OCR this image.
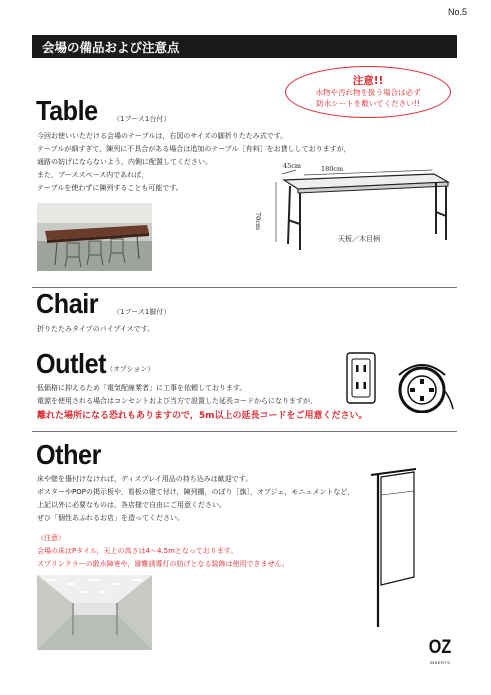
No.5
会場の備品および注意点
注意!!
水物や汚れ物を扱う場合は必ず
防水シートを敷いてください!!
Table （1ブース1台付）
今回お使いいただける会場のテーブルは，右図のサイズの脚折りたたみ式です。
テーブルが細すぎて，陳列に不具合がある場合は追加のテーブル［有料］をお貸ししておりますが，
通路の妨げにならないよう，内側に配置してください。
また，ブーススペース内であれば，
テーブルを使わずに陳列することも可能です。
180cm
45cm
70cm
天板／木目柄
Chair （1ブース1脚付）
折りたたみタイプのパイプイスです。
Outlet （オプション）
低価格に抑えるため「電気配線業者」に工事を依頼しております。
電源を使用される場合はコンセントおよび当方で設置した延長コードからになりますが，
離れた場所になる恐れもありますので，5m以上の延長コードをご用意ください。
Other
床や壁を傷付けなければ，ディスプレイ用品の持ち込みは歓迎です。
ポスターやPOPの掲示板や，看板の建て付け，陳列棚，のぼり［旗］，オブジェ，モニュメントなど，
上記以外に必要なものは，各店様で自由にご用意ください。
ぜひ「個性あふれるお店」を造ってください。
（注意）
会場の床はPタイル，天上の高さは4〜4.5mとなっております。
スプリンクラーの散水障害や，避難誘導灯の妨げとなる装飾は使用できません。
OZ
INSERTS
